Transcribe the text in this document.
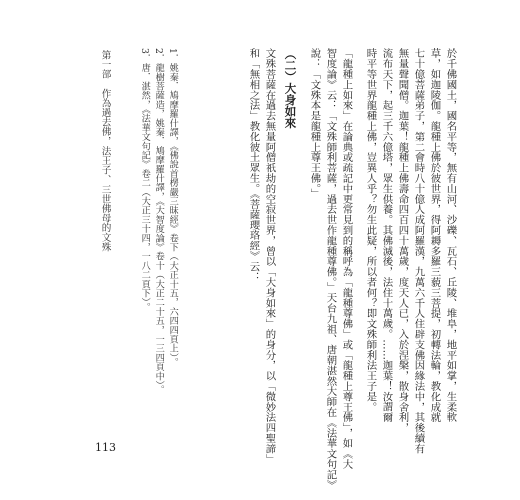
於千佛國土，國名平等，無有山河、沙礫、瓦石、丘陵、堆阜，地平如掌，生柔軟
草，如迦陵伽。龍種上佛於彼世界，得阿耨多羅三藐三菩提，初轉法輪，教化成就
七十億菩薩弟子，第二會時八十億人成阿羅漢，九萬六千人住辟支佛因緣法中，其後續有
無量聲聞僧。迦葉！龍種上佛壽命四百四十萬歲，度天人已，入於涅槃，散身舍利，
流布天下，起三千六億塔，眾生供養。其佛滅後，法住十萬歲。……迦葉！汝謂爾
時平等世界龍種上佛，豈異人乎？勿生此疑，所以者何？即文殊師利法王子是。
「龍種上如來」在論典或疏記中更常見到的稱呼為「龍種尊佛」或「龍種上尊王佛」，如《大
智度論》云：「文殊師利菩薩，過去世作龍種尊佛。」天台九祖、唐朝湛然大師在《法華文句記》
說：「文殊本是龍種上尊王佛。」
（二）大身如來
文殊菩薩在過去無量阿僧祇劫的空寂世界，曾以「大身如來」的身分，以「微妙法四聖諦」
和「無相之法」教化彼土眾生。《菩薩瓔珞經》云：
1．姚秦．鳩摩羅什譯，《佛說首楞嚴三昧經》卷下（大正十五，六四四頁上）。
2．龍樹菩薩造，姚秦．鳩摩羅什譯，《大智度論》卷十（大正二十五，一三四頁中）。
3．唐．湛然，《法華文句記》卷二（大正三十四，一八二頁下）。
第一部　作為過去佛，法王子、三世佛母的文殊
113
